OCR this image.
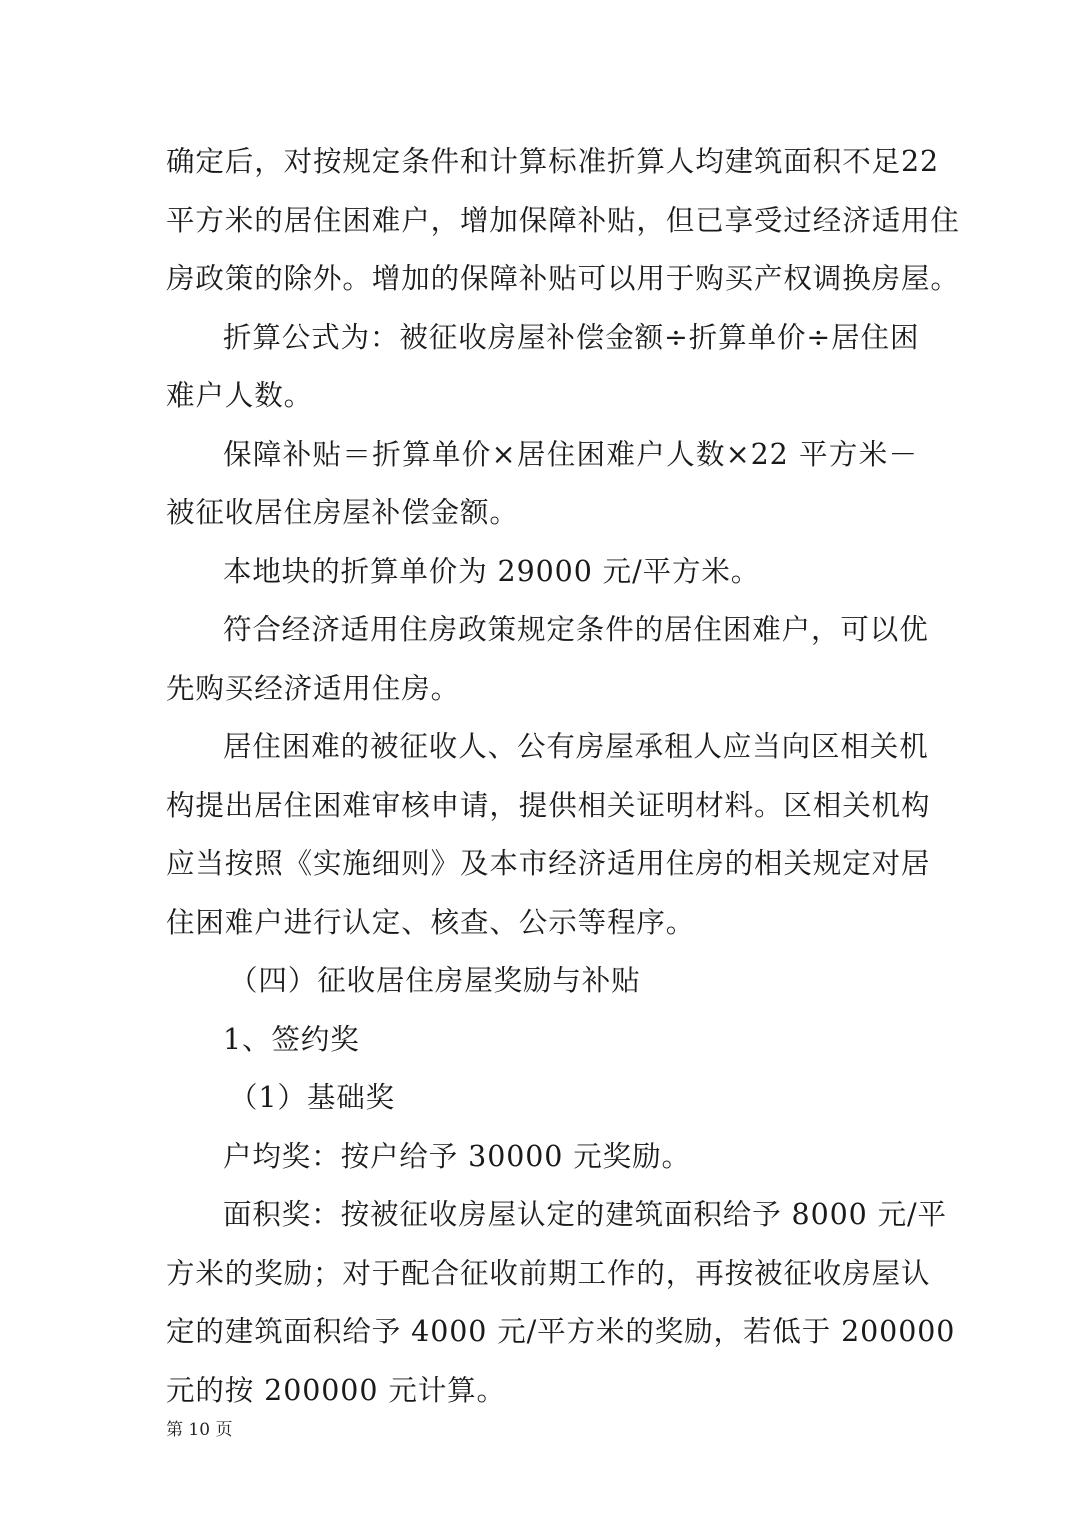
确定后，对按规定条件和计算标准折算人均建筑面积不足22
平方米的居住困难户，增加保障补贴，但已享受过经济适用住
房政策的除外。增加的保障补贴可以用于购买产权调换房屋。
折算公式为：被征收房屋补偿金额÷折算单价÷居住困
难户人数。
保障补贴＝折算单价×居住困难户人数×22 平方米－
被征收居住房屋补偿金额。
本地块的折算单价为 29000 元/平方米。
符合经济适用住房政策规定条件的居住困难户，可以优
先购买经济适用住房。
居住困难的被征收人、公有房屋承租人应当向区相关机
构提出居住困难审核申请，提供相关证明材料。区相关机构
应当按照《实施细则》及本市经济适用住房的相关规定对居
住困难户进行认定、核查、公示等程序。
（四）征收居住房屋奖励与补贴
1、签约奖
（1）基础奖
户均奖：按户给予 30000 元奖励。
面积奖：按被征收房屋认定的建筑面积给予 8000 元/平
方米的奖励；对于配合征收前期工作的，再按被征收房屋认
定的建筑面积给予 4000 元/平方米的奖励，若低于 200000
元的按 200000 元计算。
第 10 页
